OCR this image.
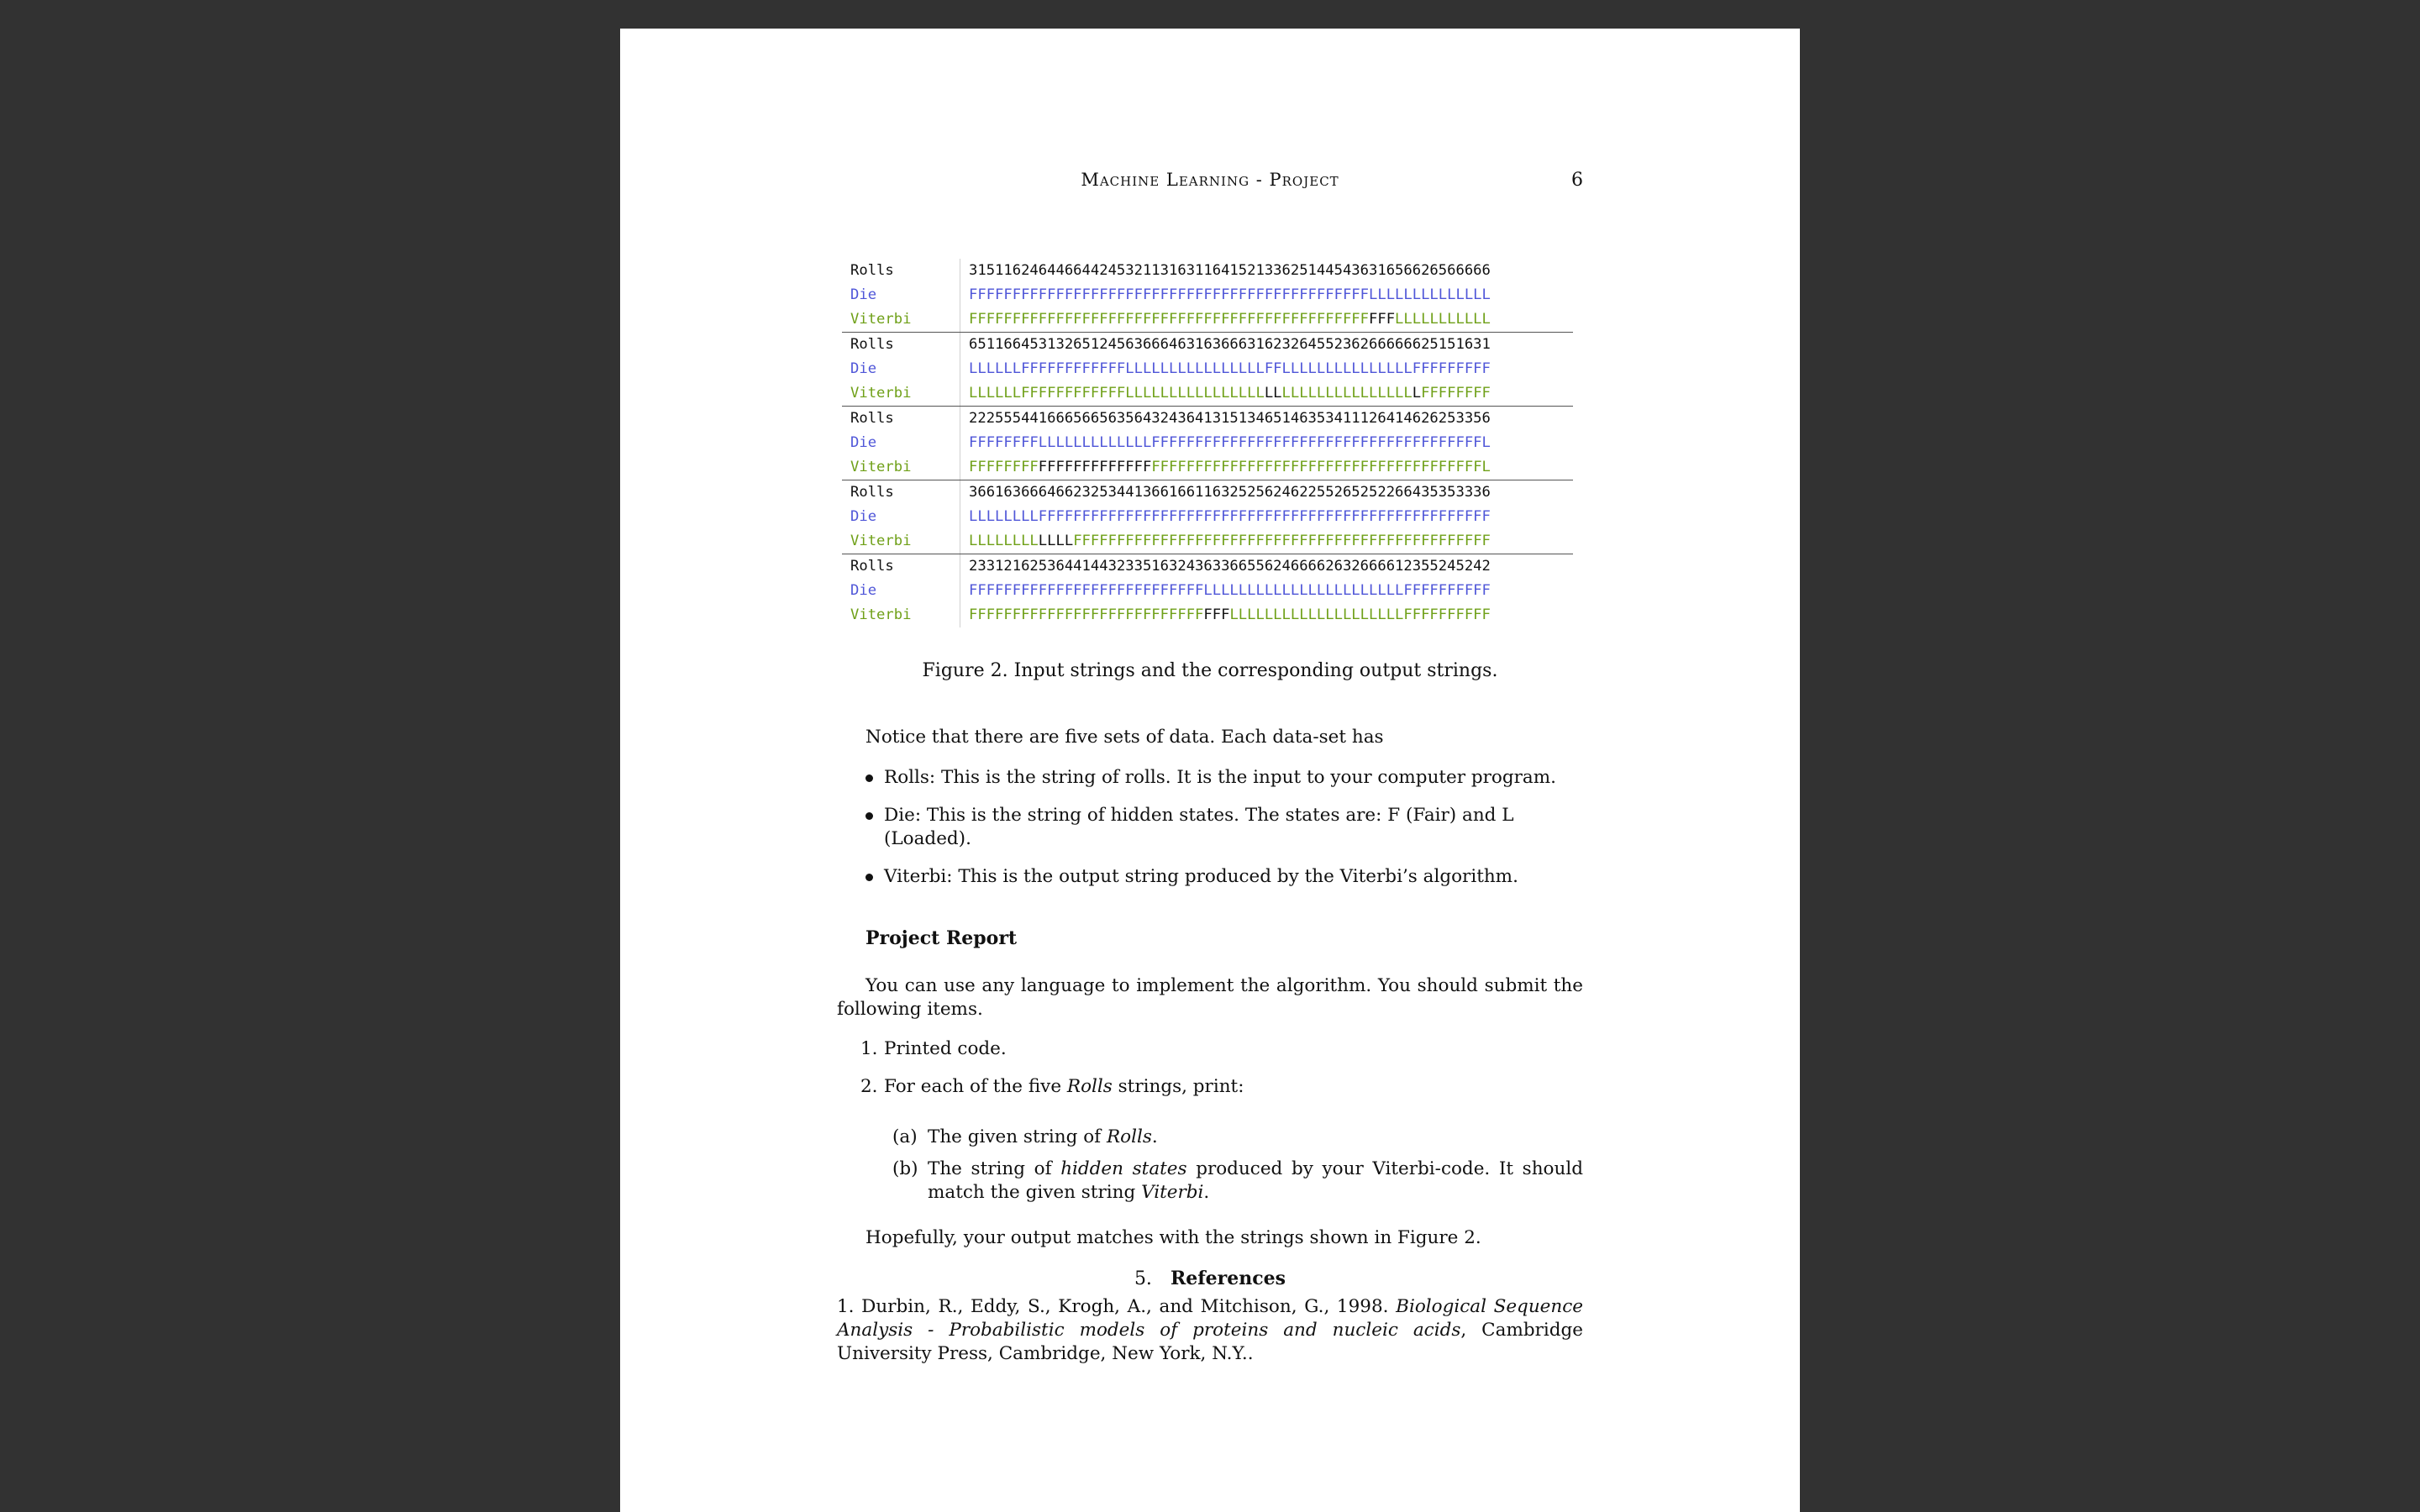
Machine Learning - Project	6
Rolls	315116246446644245321131631164152133625144543631656626566666
Die	FFFFFFFFFFFFFFFFFFFFFFFFFFFFFFFFFFFFFFFFFFFFFFLLLLLLLLLLLLLL
Viterbi	FFFFFFFFFFFFFFFFFFFFFFFFFFFFFFFFFFFFFFFFFFFFFFFFFLLLLLLLLLLL
Rolls	651166453132651245636664631636663162326455236266666625151631
Die	LLLLLLFFFFFFFFFFFFLLLLLLLLLLLLLLLLFFLLLLLLLLLLLLLLLFFFFFFFFF
Viterbi	LLLLLLFFFFFFFFFFFFLLLLLLLLLLLLLLLLLLLLLLLLLLLLLLLLLLFFFFFFFF
Rolls	222555441666566563564324364131513465146353411126414626253356
Die	FFFFFFFFLLLLLLLLLLLLLFFFFFFFFFFFFFFFFFFFFFFFFFFFFFFFFFFFFFFL
Viterbi	FFFFFFFFFFFFFFFFFFFFFFFFFFFFFFFFFFFFFFFFFFFFFFFFFFFFFFFFFFFL
Rolls	366163666466232534413661661163252562462255265252266435353336
Die	LLLLLLLLFFFFFFFFFFFFFFFFFFFFFFFFFFFFFFFFFFFFFFFFFFFFFFFFFFFF
Viterbi	LLLLLLLLLLLLFFFFFFFFFFFFFFFFFFFFFFFFFFFFFFFFFFFFFFFFFFFFFFFF
Rolls	233121625364414432335163243633665562466662632666612355245242
Die	FFFFFFFFFFFFFFFFFFFFFFFFFFFLLLLLLLLLLLLLLLLLLLLLLLFFFFFFFFFF
Viterbi	FFFFFFFFFFFFFFFFFFFFFFFFFFFFFFLLLLLLLLLLLLLLLLLLLLFFFFFFFFFF
Figure 2. Input strings and the corresponding output strings.
Notice that there are five sets of data. Each data-set has
Rolls: This is the string of rolls. It is the input to your computer program.
Die: This is the string of hidden states. The states are: F (Fair) and L (Loaded).
Viterbi: This is the output string produced by the Viterbi’s algorithm.
Project Report
You can use any language to implement the algorithm. You should submit the following items.
1. Printed code.
2. For each of the five Rolls strings, print:
(a) The given string of Rolls.
(b) The string of hidden states produced by your Viterbi-code. It should match the given string Viterbi.
Hopefully, your output matches with the strings shown in Figure 2.
5. References
1. Durbin, R., Eddy, S., Krogh, A., and Mitchison, G., 1998. Biological Sequence Analysis - Probabilistic models of proteins and nucleic acids, Cambridge University Press, Cambridge, New York, N.Y..
